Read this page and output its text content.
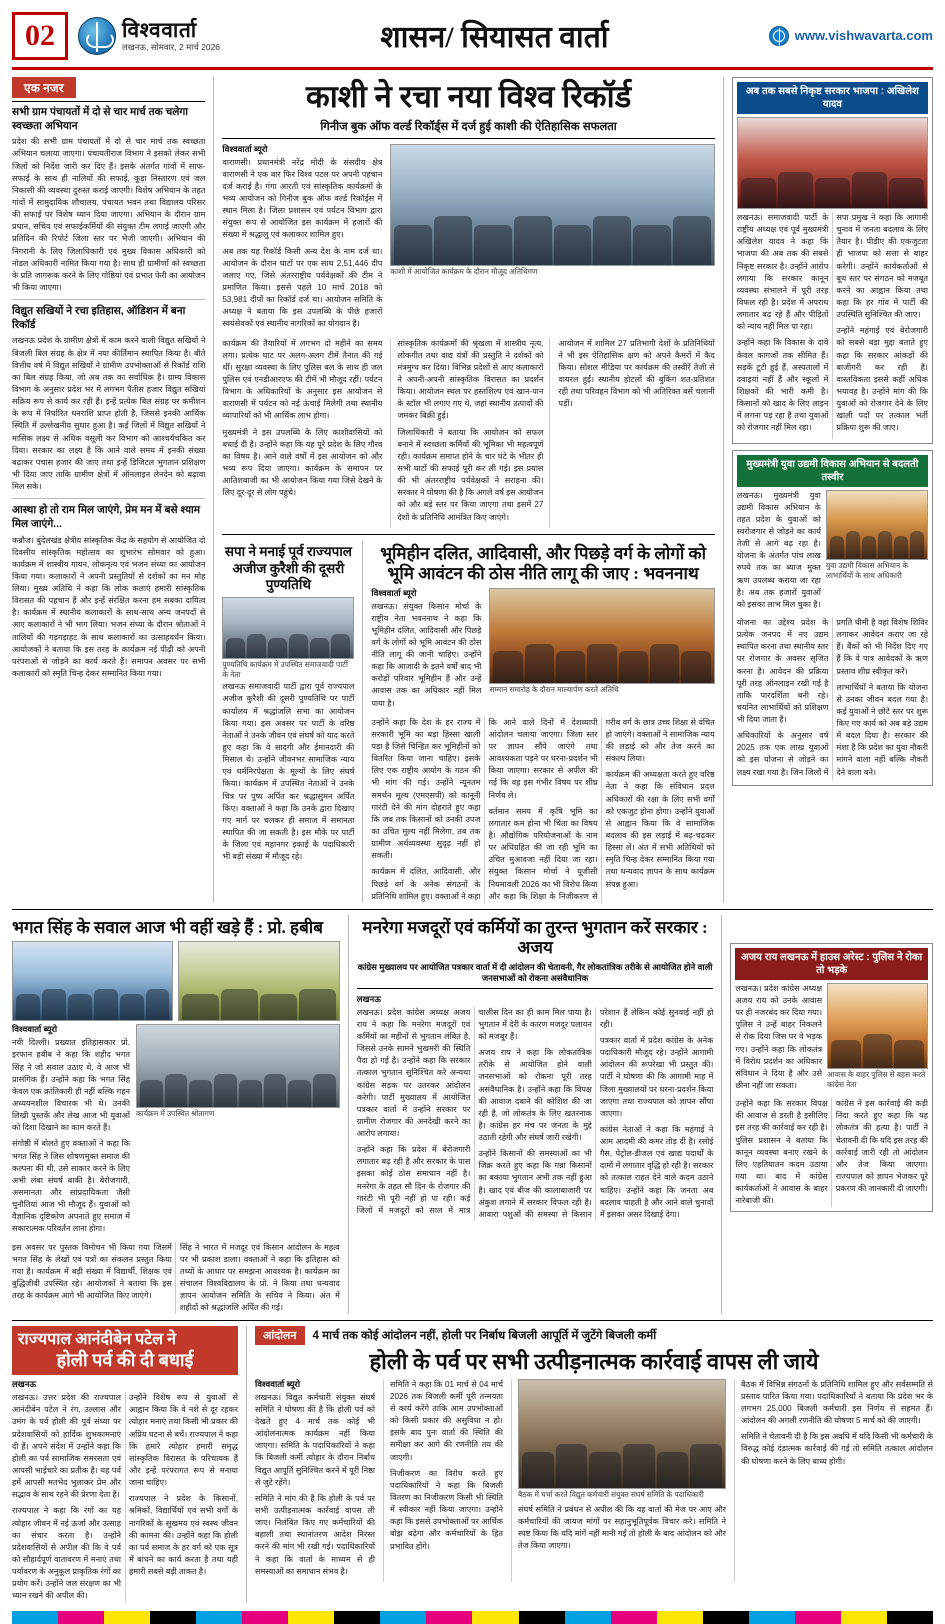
02	विश्ववार्ता
लखनऊ, सोमवार, 2 मार्च 2026	शासन/ सियासत वार्ता	www.vishwavarta.com
एक नजर
सभी ग्राम पंचायतों में दो से चार मार्च तक चलेगा स्वच्छता अभियान

प्रदेश की सभी ग्राम पंचायतों में दो से चार मार्च तक स्वच्छता अभियान चलाया जाएगा। पंचायतीराज विभाग ने इसको लेकर सभी जिलों को निर्देश जारी कर दिए हैं। इसके अंतर्गत गांवों में साफ-सफाई के साथ ही नालियों की सफाई, कूड़ा निस्तारण एवं जल निकासी की व्यवस्था दुरुस्त कराई जाएगी। विशेष अभियान के तहत गांवों में सामुदायिक शौचालय, पंचायत भवन तथा विद्यालय परिसर की सफाई पर विशेष ध्यान दिया जाएगा। अभियान के दौरान ग्राम प्रधान, सचिव एवं सफाईकर्मियों की संयुक्त टीम लगाई जाएगी और प्रतिदिन की रिपोर्ट जिला स्तर पर भेजी जाएगी। अभियान की निगरानी के लिए जिलाधिकारी एवं मुख्य विकास अधिकारी को नोडल अधिकारी नामित किया गया है। साथ ही ग्रामीणों को स्वच्छता के प्रति जागरूक करने के लिए गोष्ठियां एवं प्रभात फेरी का आयोजन भी किया जाएगा।

विद्युत सखियों ने रचा इतिहास, ऑडिशन में बना रिकॉर्ड

लखनऊ प्रदेश के ग्रामीण क्षेत्रों में काम करने वाली विद्युत सखियों ने बिजली बिल संग्रह के क्षेत्र में नया कीर्तिमान स्थापित किया है। बीते वित्तीय वर्ष में विद्युत सखियों ने ग्रामीण उपभोक्ताओं से रिकॉर्ड राशि का बिल संग्रह किया, जो अब तक का सर्वाधिक है। ग्राम्य विकास विभाग के अनुसार प्रदेश भर में लगभग पैंतीस हजार विद्युत सखियां सक्रिय रूप से कार्य कर रही हैं। इन्हें प्रत्येक बिल संग्रह पर कमीशन के रूप में निर्धारित धनराशि प्राप्त होती है, जिससे इनकी आर्थिक स्थिति में उल्लेखनीय सुधार हुआ है। कई जिलों में विद्युत सखियों ने मासिक लक्ष्य से अधिक वसूली कर विभाग को आश्चर्यचकित कर दिया। सरकार का लक्ष्य है कि आने वाले समय में इनकी संख्या बढ़ाकर पचास हजार की जाए तथा इन्हें डिजिटल भुगतान प्रशिक्षण भी दिया जाए ताकि ग्रामीण क्षेत्रों में ऑनलाइन लेनदेन को बढ़ावा मिल सके।

आस्था हो तो राम मिल जाएंगे, प्रेम मन में बसे श्याम मिल जाएंगे...

कन्नौज। बुंदेलखंड क्षेत्रीय सांस्कृतिक केंद्र के सहयोग से आयोजित दो दिवसीय सांस्कृतिक महोत्सव का शुभारंभ सोमवार को हुआ। कार्यक्रम में शास्त्रीय गायन, लोकनृत्य एवं भजन संध्या का आयोजन किया गया। कलाकारों ने अपनी प्रस्तुतियों से दर्शकों का मन मोह लिया। मुख्य अतिथि ने कहा कि लोक कलाएं हमारी सांस्कृतिक विरासत की पहचान हैं और इन्हें संरक्षित करना हम सबका दायित्व है। कार्यक्रम में स्थानीय कलाकारों के साथ-साथ अन्य जनपदों से आए कलाकारों ने भी भाग लिया। भजन संध्या के दौरान श्रोताओं ने तालियों की गड़गड़ाहट के साथ कलाकारों का उत्साहवर्धन किया। आयोजकों ने बताया कि इस तरह के कार्यक्रम नई पीढ़ी को अपनी परंपराओं से जोड़ने का कार्य करते हैं। समापन अवसर पर सभी कलाकारों को स्मृति चिन्ह देकर सम्मानित किया गया।

काशी ने रचा नया विश्व रिकॉर्ड
गिनीज बुक ऑफ वर्ल्ड रिकॉर्ड्स में दर्ज हुई काशी की ऐतिहासिक सफलता
विश्ववार्ता ब्यूरो

वाराणसी। प्रधानमंत्री नरेंद्र मोदी के संसदीय क्षेत्र वाराणसी ने एक बार फिर विश्व पटल पर अपनी पहचान दर्ज कराई है। गंगा आरती एवं सांस्कृतिक कार्यक्रमों के भव्य आयोजन को गिनीज बुक ऑफ वर्ल्ड रिकॉर्ड्स में स्थान मिला है। जिला प्रशासन एवं पर्यटन विभाग द्वारा संयुक्त रूप से आयोजित इस कार्यक्रम में हजारों की संख्या में श्रद्धालु एवं कलाकार शामिल हुए।

अब तक यह रिकॉर्ड किसी अन्य देश के नाम दर्ज था। आयोजन के दौरान घाटों पर एक साथ 2,51,446 दीप जलाए गए, जिसे अंतरराष्ट्रीय पर्यवेक्षकों की टीम ने प्रमाणित किया। इससे पहले 10 मार्च 2018 को 53,981 दीपों का रिकॉर्ड दर्ज था। आयोजन समिति के अध्यक्ष ने बताया कि इस उपलब्धि के पीछे हजारों स्वयंसेवकों एवं स्थानीय नागरिकों का योगदान है।

काशी में आयोजित कार्यक्रम के दौरान मौजूद अतिथिगण

कार्यक्रम की तैयारियों में लगभग दो महीने का समय लगा। प्रत्येक घाट पर अलग-अलग टीमें तैनात की गई थीं। सुरक्षा व्यवस्था के लिए पुलिस बल के साथ ही जल पुलिस एवं एनडीआरएफ की टीमें भी मौजूद रहीं। पर्यटन विभाग के अधिकारियों के अनुसार इस आयोजन से वाराणसी में पर्यटन को नई ऊंचाई मिलेगी तथा स्थानीय व्यापारियों को भी आर्थिक लाभ होगा।

मुख्यमंत्री ने इस उपलब्धि के लिए काशीवासियों को बधाई दी है। उन्होंने कहा कि यह पूरे प्रदेश के लिए गौरव का विषय है। आने वाले वर्षों में इस आयोजन को और भव्य रूप दिया जाएगा। कार्यक्रम के समापन पर आतिशबाजी का भी आयोजन किया गया जिसे देखने के लिए दूर-दूर से लोग पहुंचे।

सांस्कृतिक कार्यक्रमों की श्रृंखला में शास्त्रीय नृत्य, लोकगीत तथा वाद्य यंत्रों की प्रस्तुति ने दर्शकों को मंत्रमुग्ध कर दिया। विभिन्न प्रदेशों से आए कलाकारों ने अपनी-अपनी सांस्कृतिक विरासत का प्रदर्शन किया। आयोजन स्थल पर हस्तशिल्प एवं खान-पान के स्टॉल भी लगाए गए थे, जहां स्थानीय उत्पादों की जमकर बिक्री हुई।

जिलाधिकारी ने बताया कि आयोजन को सफल बनाने में स्वच्छता कर्मियों की भूमिका भी महत्वपूर्ण रही। कार्यक्रम समाप्त होने के चार घंटे के भीतर ही सभी घाटों की सफाई पूरी कर ली गई। इस प्रयास की भी अंतरराष्ट्रीय पर्यवेक्षकों ने सराहना की। सरकार ने घोषणा की है कि अगले वर्ष इस आयोजन को और बड़े स्तर पर किया जाएगा तथा इसमें 27 देशों के प्रतिनिधि आमंत्रित किए जाएंगे।

आयोजन में शामिल 27 प्रतिभागी देशों के प्रतिनिधियों ने भी इस ऐतिहासिक क्षण को अपने कैमरों में कैद किया। सोशल मीडिया पर कार्यक्रम की तस्वीरें तेजी से वायरल हुईं। स्थानीय होटलों की बुकिंग शत-प्रतिशत रही तथा परिवहन विभाग को भी अतिरिक्त बसें चलानी पड़ीं।

सपा ने मनाई पूर्व राज्यपाल अजीज कुरैशी की दूसरी पुण्यतिथि
पुण्यतिथि कार्यक्रम में उपस्थित समाजवादी पार्टी के नेता

लखनऊ समाजवादी पार्टी द्वारा पूर्व राज्यपाल अजीज कुरैशी की दूसरी पुण्यतिथि पर पार्टी कार्यालय में श्रद्धांजलि सभा का आयोजन किया गया। इस अवसर पर पार्टी के वरिष्ठ नेताओं ने उनके जीवन एवं संघर्ष को याद करते हुए कहा कि वे सादगी और ईमानदारी की मिसाल थे। उन्होंने जीवनभर सामाजिक न्याय एवं धर्मनिरपेक्षता के मूल्यों के लिए संघर्ष किया। कार्यक्रम में उपस्थित नेताओं ने उनके चित्र पर पुष्प अर्पित कर श्रद्धासुमन अर्पित किए। वक्ताओं ने कहा कि उनके द्वारा दिखाए गए मार्ग पर चलकर ही समाज में समानता स्थापित की जा सकती है। इस मौके पर पार्टी के जिला एवं महानगर इकाई के पदाधिकारी भी बड़ी संख्या में मौजूद रहे।

भूमिहीन दलित, आदिवासी, और पिछड़े वर्ग के लोगों को भूमि आवंटन की ठोस नीति लागू की जाए : भवननाथ
विश्ववार्ता ब्यूरो

लखनऊ। संयुक्त किसान मोर्चा के राष्ट्रीय नेता भवननाथ ने कहा कि भूमिहीन दलित, आदिवासी और पिछड़े वर्ग के लोगों को भूमि आवंटन की ठोस नीति लागू की जानी चाहिए। उन्होंने कहा कि आजादी के इतने वर्षों बाद भी करोड़ों परिवार भूमिहीन हैं और उन्हें आवास तक का अधिकार नहीं मिल पाया है।

सम्मान समारोह के दौरान माल्यार्पण करते अतिथि

उन्होंने कहा कि देश के हर राज्य में सरकारी भूमि का बड़ा हिस्सा खाली पड़ा है जिसे चिन्हित कर भूमिहीनों को वितरित किया जाना चाहिए। इसके लिए एक राष्ट्रीय आयोग के गठन की भी मांग की गई। उन्होंने न्यूनतम समर्थन मूल्य (एमएसपी) को कानूनी गारंटी देने की मांग दोहराते हुए कहा कि जब तक किसानों को उनकी उपज का उचित मूल्य नहीं मिलेगा, तब तक ग्रामीण अर्थव्यवस्था सुदृढ़ नहीं हो सकती।

कार्यक्रम में दलित, आदिवासी, और पिछड़े वर्ग के अनेक संगठनों के प्रतिनिधि शामिल हुए। वक्ताओं ने कहा कि आने वाले दिनों में देशव्यापी आंदोलन चलाया जाएगा। जिला स्तर पर ज्ञापन सौंपे जाएंगे तथा आवश्यकता पड़ने पर धरना-प्रदर्शन भी किया जाएगा। सरकार से अपील की गई कि वह इस गंभीर विषय पर शीघ्र निर्णय ले।

वर्तमान समय में कृषि भूमि का लगातार कम होना भी चिंता का विषय है। औद्योगिक परियोजनाओं के नाम पर अधिग्रहित की जा रही भूमि का उचित मुआवजा नहीं दिया जा रहा। संयुक्त किसान मोर्चा ने यूजीसी नियमावली 2026 का भी विरोध किया और कहा कि शिक्षा के निजीकरण से गरीब वर्ग के छात्र उच्च शिक्षा से वंचित हो जाएंगे। वक्ताओं ने सामाजिक न्याय की लड़ाई को और तेज करने का संकल्प लिया।

कार्यक्रम की अध्यक्षता करते हुए वरिष्ठ नेता ने कहा कि संविधान प्रदत्त अधिकारों की रक्षा के लिए सभी वर्गों को एकजुट होना होगा। उन्होंने युवाओं से आह्वान किया कि वे सामाजिक बदलाव की इस लड़ाई में बढ़-चढ़कर हिस्सा लें। अंत में सभी अतिथियों को स्मृति चिन्ह देकर सम्मानित किया गया तथा धन्यवाद ज्ञापन के साथ कार्यक्रम संपन्न हुआ।

अब तक सबसे निकृष्ट सरकार भाजपा : अखिलेश यादव

लखनऊ। समाजवादी पार्टी के राष्ट्रीय अध्यक्ष एवं पूर्व मुख्यमंत्री अखिलेश यादव ने कहा कि भाजपा की अब तक की सबसे निकृष्ट सरकार है। उन्होंने आरोप लगाया कि सरकार कानून व्यवस्था संभालने में पूरी तरह विफल रही है। प्रदेश में अपराध लगातार बढ़ रहे हैं और पीड़ितों को न्याय नहीं मिल पा रहा।

उन्होंने कहा कि विकास के दावे केवल कागजों तक सीमित हैं। सड़कें टूटी हुई हैं, अस्पतालों में दवाइयां नहीं हैं और स्कूलों में शिक्षकों की भारी कमी है। किसानों को खाद के लिए लाइन में लगना पड़ रहा है तथा युवाओं को रोजगार नहीं मिल रहा।

सपा प्रमुख ने कहा कि आगामी चुनाव में जनता बदलाव के लिए तैयार है। पीडीए की एकजुटता ही भाजपा को सत्ता से बाहर करेगी। उन्होंने कार्यकर्ताओं से बूथ स्तर पर संगठन को मजबूत करने का आह्वान किया तथा कहा कि हर गांव में पार्टी की उपस्थिति सुनिश्चित की जाए।

उन्होंने महंगाई एवं बेरोजगारी को सबसे बड़ा मुद्दा बताते हुए कहा कि सरकार आंकड़ों की बाजीगरी कर रही है। वास्तविकता इससे कहीं अधिक भयावह है। उन्होंने मांग की कि युवाओं को रोजगार देने के लिए खाली पदों पर तत्काल भर्ती प्रक्रिया शुरू की जाए।

मुख्यमंत्री युवा उद्यमी विकास अभियान से बदलती तस्वीर

लखनऊ। मुख्यमंत्री युवा उद्यमी विकास अभियान के तहत प्रदेश के युवाओं को स्वरोजगार से जोड़ने का कार्य तेजी से आगे बढ़ रहा है। योजना के अंतर्गत पांच लाख रुपये तक का ब्याज मुक्त ऋण उपलब्ध कराया जा रहा है। अब तक हजारों युवाओं को इसका लाभ मिल चुका है।

युवा उद्यमी विकास अभियान के लाभार्थियों के साथ अधिकारी

योजना का उद्देश्य प्रदेश के प्रत्येक जनपद में नए उद्यम स्थापित करना तथा स्थानीय स्तर पर रोजगार के अवसर सृजित करना है। आवेदन की प्रक्रिया पूरी तरह ऑनलाइन रखी गई है ताकि पारदर्शिता बनी रहे। चयनित लाभार्थियों को प्रशिक्षण भी दिया जाता है।

अधिकारियों के अनुसार वर्ष 2025 तक एक लाख युवाओं को इस योजना से जोड़ने का लक्ष्य रखा गया है। जिन जिलों में प्रगति धीमी है वहां विशेष शिविर लगाकर आवेदन कराए जा रहे हैं। बैंकों को भी निर्देश दिए गए हैं कि वे पात्र आवेदकों के ऋण प्रस्ताव शीघ्र स्वीकृत करें।

लाभार्थियों ने बताया कि योजना से उनका जीवन बदल गया है। कई युवाओं ने छोटे स्तर पर शुरू किए गए कार्य को अब बड़े उद्यम में बदल दिया है। सरकार की मंशा है कि प्रदेश का युवा नौकरी मांगने वाला नहीं बल्कि नौकरी देने वाला बने।

भगत सिंह के सवाल आज भी वहीं खड़े हैं : प्रो. हबीब
विश्ववार्ता ब्यूरो

नयी दिल्ली। प्रख्यात इतिहासकार प्रो. इरफान हबीब ने कहा कि शहीद भगत सिंह ने जो सवाल उठाए थे, वे आज भी प्रासंगिक हैं। उन्होंने कहा कि भगत सिंह केवल एक क्रांतिकारी ही नहीं बल्कि गहन अध्ययनशील विचारक भी थे। उनकी लिखी पुस्तकें और लेख आज भी युवाओं को दिशा दिखाने का काम करते हैं।

संगोष्ठी में बोलते हुए वक्ताओं ने कहा कि भगत सिंह ने जिस शोषणमुक्त समाज की कल्पना की थी, उसे साकार करने के लिए अभी लंबा संघर्ष बाकी है। बेरोजगारी, असमानता और सांप्रदायिकता जैसी चुनौतियां आज भी मौजूद हैं। युवाओं को वैज्ञानिक दृष्टिकोण अपनाते हुए समाज में सकारात्मक परिवर्तन लाना होगा।

कार्यक्रम में उपस्थित श्रोतागण

इस अवसर पर पुस्तक विमोचन भी किया गया जिसमें भगत सिंह के लेखों एवं पत्रों का संकलन प्रस्तुत किया गया है। कार्यक्रम में बड़ी संख्या में विद्यार्थी, शिक्षक एवं बुद्धिजीवी उपस्थित रहे। आयोजकों ने बताया कि इस तरह के कार्यक्रम आगे भी आयोजित किए जाएंगे।

सिंह ने भारत में मजदूर एवं किसान आंदोलन के महत्व पर भी प्रकाश डाला। वक्ताओं ने कहा कि इतिहास को तथ्यों के आधार पर समझना आवश्यक है। कार्यक्रम का संचालन विश्वविद्यालय के प्रो. ने किया तथा धन्यवाद ज्ञापन आयोजन समिति के सचिव ने किया। अंत में शहीदों को श्रद्धांजलि अर्पित की गई।

मनरेगा मजदूरों एवं कर्मियों का तुरन्त भुगतान करें सरकार : अजय
कांग्रेस मुख्यालय पर आयोजित पत्रकार वार्ता में दी आंदोलन की चेतावनी, गैर लोकतांत्रिक तरीके से आयोजित होने वाली जनसभाओं को रोकना असंवैधानिक
लखनऊ

लखनऊ। प्रदेश कांग्रेस अध्यक्ष अजय राय ने कहा कि मनरेगा मजदूरों एवं कर्मियों का महीनों से भुगतान लंबित है, जिससे उनके सामने भुखमरी की स्थिति पैदा हो गई है। उन्होंने कहा कि सरकार तत्काल भुगतान सुनिश्चित करे अन्यथा कांग्रेस सड़क पर उतरकर आंदोलन करेगी। पार्टी मुख्यालय में आयोजित पत्रकार वार्ता में उन्होंने सरकार पर ग्रामीण रोजगार की अनदेखी करने का आरोप लगाया।

उन्होंने कहा कि प्रदेश में बेरोजगारी लगातार बढ़ रही है और सरकार के पास इसका कोई ठोस समाधान नहीं है। मनरेगा के तहत सौ दिन के रोजगार की गारंटी भी पूरी नहीं हो पा रही। कई जिलों में मजदूरों को साल में मात्र चालीस दिन का ही काम मिल पाया है। भुगतान में देरी के कारण मजदूर पलायन को मजबूर हैं।

अजय राय ने कहा कि लोकतांत्रिक तरीके से आयोजित होने वाली जनसभाओं को रोकना पूरी तरह असंवैधानिक है। उन्होंने कहा कि विपक्ष की आवाज दबाने की कोशिश की जा रही है, जो लोकतंत्र के लिए खतरनाक है। कांग्रेस हर मंच पर जनता के मुद्दे उठाती रहेगी और संघर्ष जारी रखेगी।

उन्होंने किसानों की समस्याओं का भी जिक्र करते हुए कहा कि गन्ना किसानों का बकाया भुगतान अभी तक नहीं हुआ है। खाद एवं बीज की कालाबाजारी पर अंकुश लगाने में सरकार विफल रही है। आवारा पशुओं की समस्या से किसान परेशान हैं लेकिन कोई सुनवाई नहीं हो रही।

पत्रकार वार्ता में प्रदेश कांग्रेस के अनेक पदाधिकारी मौजूद रहे। उन्होंने आगामी आंदोलन की रूपरेखा भी प्रस्तुत की। पार्टी ने घोषणा की कि आगामी माह में जिला मुख्यालयों पर धरना-प्रदर्शन किया जाएगा तथा राज्यपाल को ज्ञापन सौंपा जाएगा।

कांग्रेस नेताओं ने कहा कि महंगाई ने आम आदमी की कमर तोड़ दी है। रसोई गैस, पेट्रोल-डीजल एवं खाद्य पदार्थों के दामों में लगातार वृद्धि हो रही है। सरकार को तत्काल राहत देने वाले कदम उठाने चाहिए। उन्होंने कहा कि जनता अब बदलाव चाहती है और आने वाले चुनावों में इसका असर दिखाई देगा।

अजय राय लखनऊ में हाउस अरेस्ट : पुलिस ने रोका तो भड़के

लखनऊ। प्रदेश कांग्रेस अध्यक्ष अजय राय को उनके आवास पर ही नजरबंद कर दिया गया। पुलिस ने उन्हें बाहर निकलने से रोक दिया जिस पर वे भड़क गए। उन्होंने कहा कि लोकतंत्र में विरोध प्रदर्शन का अधिकार संविधान ने दिया है और उसे छीना नहीं जा सकता।

आवास के बाहर पुलिस से बहस करते कांग्रेस नेता

उन्होंने कहा कि सरकार विपक्ष की आवाज से डरती है इसीलिए इस तरह की कार्रवाई कर रही है। पुलिस प्रशासन ने बताया कि कानून व्यवस्था बनाए रखने के लिए एहतियातन कदम उठाया गया था। बाद में कांग्रेस कार्यकर्ताओं ने आवास के बाहर नारेबाजी की।

कांग्रेस ने इस कार्रवाई की कड़ी निंदा करते हुए कहा कि यह लोकतंत्र की हत्या है। पार्टी ने चेतावनी दी कि यदि इस तरह की कार्रवाई जारी रही तो आंदोलन और तेज किया जाएगा। राज्यपाल को ज्ञापन भेजकर पूरे प्रकरण की जानकारी दी जाएगी।

राज्यपाल आनंदीबेन पटेल ने
होली पर्व की दी बधाई
लखनऊ

लखनऊ। उत्तर प्रदेश की राज्यपाल आनंदीबेन पटेल ने रंग, उल्लास और उमंग के पर्व होली की पूर्व संध्या पर प्रदेशवासियों को हार्दिक शुभकामनाएं दी हैं। अपने संदेश में उन्होंने कहा कि होली का पर्व सामाजिक समरसता एवं आपसी भाईचारे का प्रतीक है। यह पर्व हमें आपसी मतभेद भुलाकर प्रेम और सद्भाव के साथ रहने की प्रेरणा देता है।

राज्यपाल ने कहा कि रंगों का यह त्योहार जीवन में नई ऊर्जा और उत्साह का संचार करता है। उन्होंने प्रदेशवासियों से अपील की कि वे पर्व को सौहार्दपूर्ण वातावरण में मनाएं तथा पर्यावरण के अनुकूल प्राकृतिक रंगों का प्रयोग करें। उन्होंने जल संरक्षण का भी ध्यान रखने की अपील की।

उन्होंने विशेष रूप से युवाओं से आह्वान किया कि वे नशे से दूर रहकर त्योहार मनाएं तथा किसी भी प्रकार की अप्रिय घटना से बचें। राज्यपाल ने कहा कि हमारे त्योहार हमारी समृद्ध सांस्कृतिक विरासत के परिचायक हैं और इन्हें परंपरागत रूप से मनाया जाना चाहिए।

राज्यपाल ने प्रदेश के किसानों, श्रमिकों, विद्यार्थियों एवं सभी वर्गों के नागरिकों के सुखमय एवं स्वस्थ जीवन की कामना की। उन्होंने कहा कि होली का पर्व समाज के हर वर्ग को एक सूत्र में बांधने का कार्य करता है तथा यही हमारी सबसे बड़ी ताकत है।

आंदोलन	4 मार्च तक कोई आंदोलन नहीं, होली पर निर्बाध बिजली आपूर्ति में जुटेंगे बिजली कर्मी
होली के पर्व पर सभी उत्पीड़नात्मक कार्रवाई वापस ली जाये
विश्ववार्ता ब्यूरो

लखनऊ। विद्युत कर्मचारी संयुक्त संघर्ष समिति ने घोषणा की है कि होली पर्व को देखते हुए 4 मार्च तक कोई भी आंदोलनात्मक कार्यक्रम नहीं किया जाएगा। समिति के पदाधिकारियों ने कहा कि बिजली कर्मी त्योहार के दौरान निर्बाध विद्युत आपूर्ति सुनिश्चित करने में पूरी निष्ठा से जुटे रहेंगे।

समिति ने मांग की है कि होली के पर्व पर सभी उत्पीड़नात्मक कार्रवाई वापस ली जाए। निलंबित किए गए कर्मचारियों की बहाली तथा स्थानांतरण आदेश निरस्त करने की मांग भी रखी गई। पदाधिकारियों ने कहा कि वार्ता के माध्यम से ही समस्याओं का समाधान संभव है।

समिति ने कहा कि 01 मार्च से 04 मार्च 2026 तक बिजली कर्मी पूरी तन्मयता से कार्य करेंगे ताकि आम उपभोक्ताओं को किसी प्रकार की असुविधा न हो। इसके बाद पुनः वार्ता की स्थिति की समीक्षा कर आगे की रणनीति तय की जाएगी।

निजीकरण का विरोध करते हुए पदाधिकारियों ने कहा कि बिजली वितरण का निजीकरण किसी भी स्थिति में स्वीकार नहीं किया जाएगा। उन्होंने कहा कि इससे उपभोक्ताओं पर आर्थिक बोझ बढ़ेगा और कर्मचारियों के हित प्रभावित होंगे।

बैठक में चर्चा करते विद्युत कर्मचारी संयुक्त संघर्ष समिति के पदाधिकारी

संघर्ष समिति ने प्रबंधन से अपील की कि वह वार्ता की मेज पर आए और कर्मचारियों की जायज मांगों पर सहानुभूतिपूर्वक विचार करे। समिति ने स्पष्ट किया कि यदि मांगें नहीं मानी गईं तो होली के बाद आंदोलन को और तेज किया जाएगा।

बैठक में विभिन्न संगठनों के प्रतिनिधि शामिल हुए और सर्वसम्मति से प्रस्ताव पारित किया गया। पदाधिकारियों ने बताया कि प्रदेश भर के लगभग 25,000 बिजली कर्मचारी इस निर्णय से सहमत हैं। आंदोलन की अगली रणनीति की घोषणा 5 मार्च को की जाएगी।

समिति ने चेतावनी दी है कि इस अवधि में यदि किसी भी कर्मचारी के विरुद्ध कोई दंडात्मक कार्रवाई की गई तो समिति तत्काल आंदोलन की घोषणा करने के लिए बाध्य होगी।
